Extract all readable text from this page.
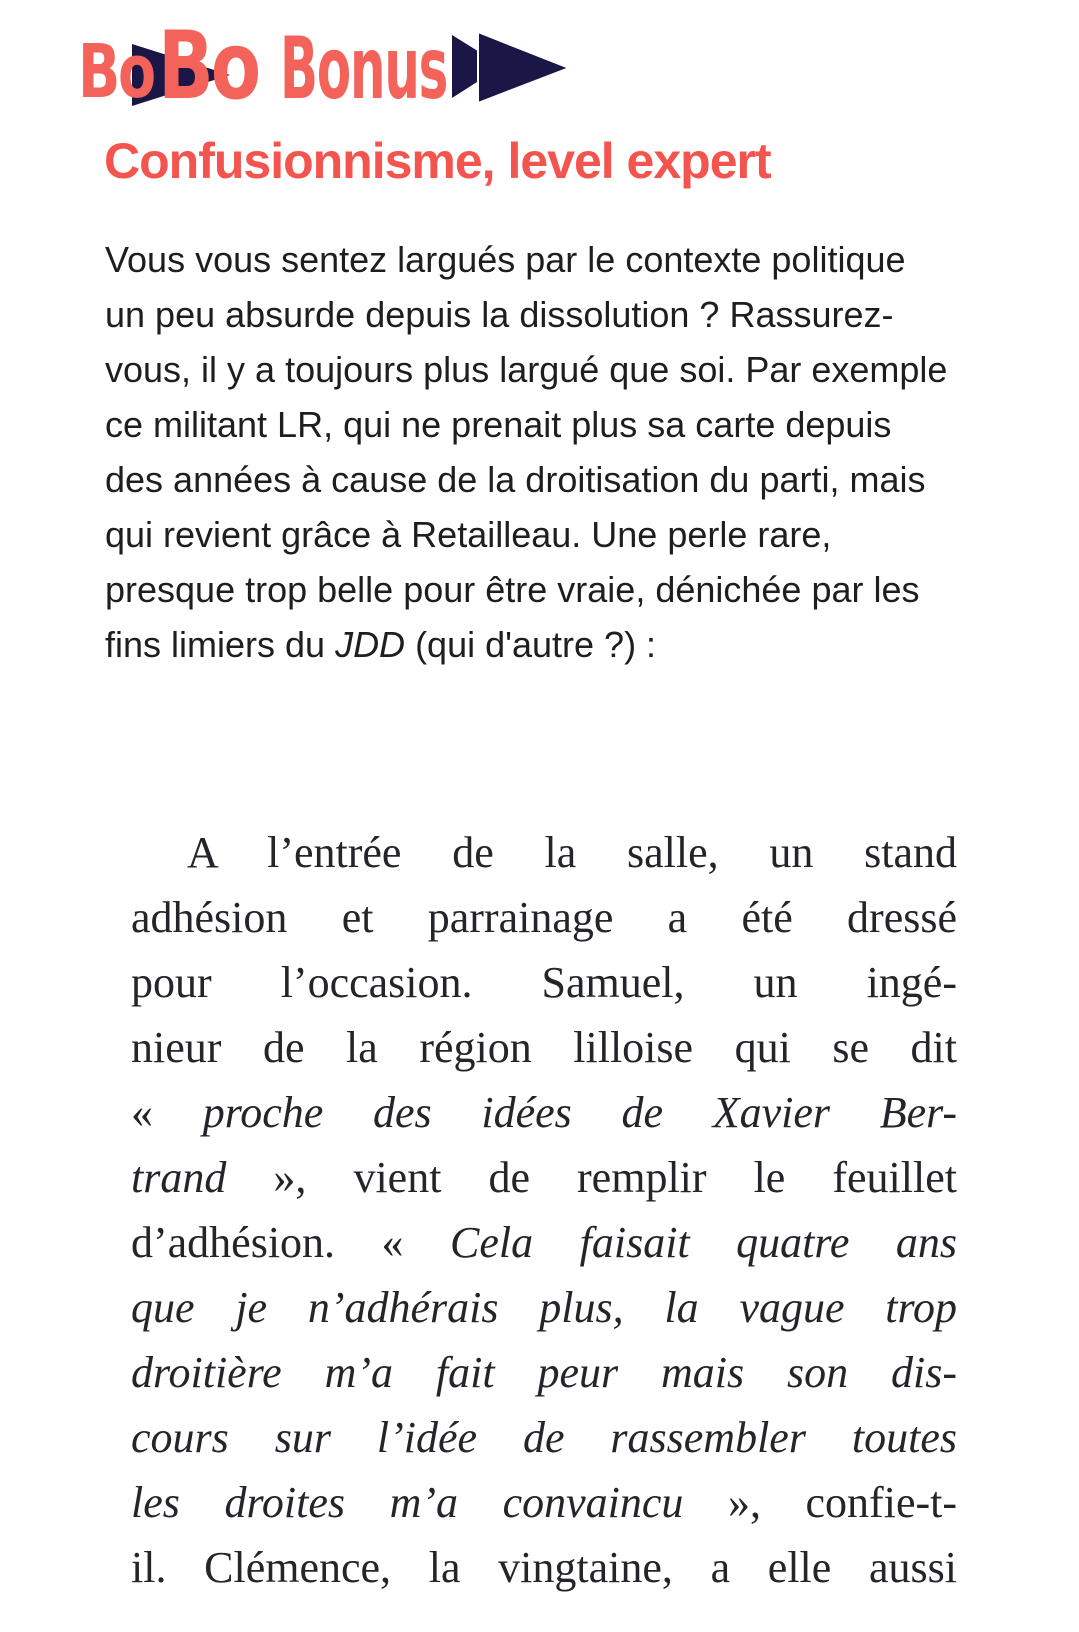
Bo Bo Bonus
Confusionnisme, level expert

Vous vous sentez largués par le contexte politique un peu absurde depuis la dissolution ? Rassurez-vous, il y a toujours plus largué que soi. Par exemple ce militant LR, qui ne prenait plus sa carte depuis des années à cause de la droitisation du parti, mais qui revient grâce à Retailleau. Une perle rare, presque trop belle pour être vraie, dénichée par les fins limiers du JDD (qui d'autre ?) :

A l’entrée de la salle, un stand
adhésion et parrainage a été dressé
pour l’occasion. Samuel, un ingé-
nieur de la région lilloise qui se dit
« proche des idées de Xavier Ber-
trand », vient de remplir le feuillet
d’adhésion. « Cela faisait quatre ans
que je n’adhérais plus, la vague trop
droitière m’a fait peur mais son dis-
cours sur l’idée de rassembler toutes
les droites m’a convaincu », confie-t-
il. Clémence, la vingtaine, a elle aussi
